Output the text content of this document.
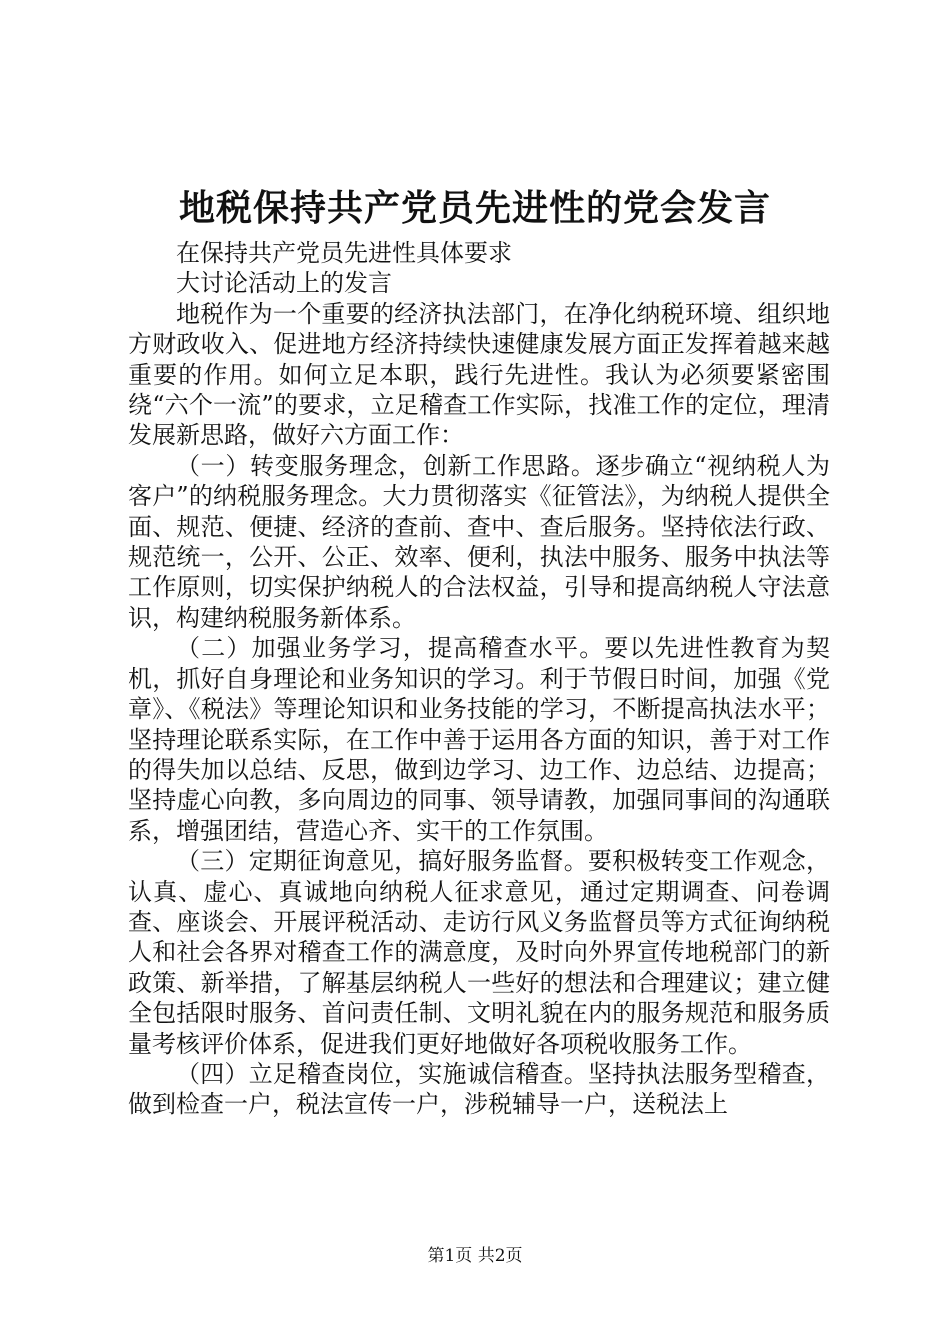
地税保持共产党员先进性的党会发言

在保持共产党员先进性具体要求

大讨论活动上的发言

地税作为一个重要的经济执法部门，在净化纳税环境、组织地方财政收入、促进地方经济持续快速健康发展方面正发挥着越来越重要的作用。如何立足本职，践行先进性。我认为必须要紧密围绕“六个一流”的要求，立足稽查工作实际，找准工作的定位，理清发展新思路，做好六方面工作：

（一）转变服务理念，创新工作思路。逐步确立“视纳税人为客户”的纳税服务理念。大力贯彻落实《征管法》，为纳税人提供全面、规范、便捷、经济的查前、查中、查后服务。坚持依法行政、规范统一，公开、公正、效率、便利，执法中服务、服务中执法等工作原则，切实保护纳税人的合法权益，引导和提高纳税人守法意识，构建纳税服务新体系。

（二）加强业务学习，提高稽查水平。要以先进性教育为契机，抓好自身理论和业务知识的学习。利于节假日时间，加强《党章》、《税法》等理论知识和业务技能的学习，不断提高执法水平；坚持理论联系实际，在工作中善于运用各方面的知识，善于对工作的得失加以总结、反思，做到边学习、边工作、边总结、边提高；坚持虚心向教，多向周边的同事、领导请教，加强同事间的沟通联系，增强团结，营造心齐、实干的工作氛围。

（三）定期征询意见，搞好服务监督。要积极转变工作观念，认真、虚心、真诚地向纳税人征求意见，通过定期调查、问卷调查、座谈会、开展评税活动、走访行风义务监督员等方式征询纳税人和社会各界对稽查工作的满意度，及时向外界宣传地税部门的新政策、新举措，了解基层纳税人一些好的想法和合理建议；建立健全包括限时服务、首问责任制、文明礼貌在内的服务规范和服务质量考核评价体系，促进我们更好地做好各项税收服务工作。

（四）立足稽查岗位，实施诚信稽查。坚持执法服务型稽查，做到检查一户，税法宣传一户，涉税辅导一户，送税法上

第1页 共2页
